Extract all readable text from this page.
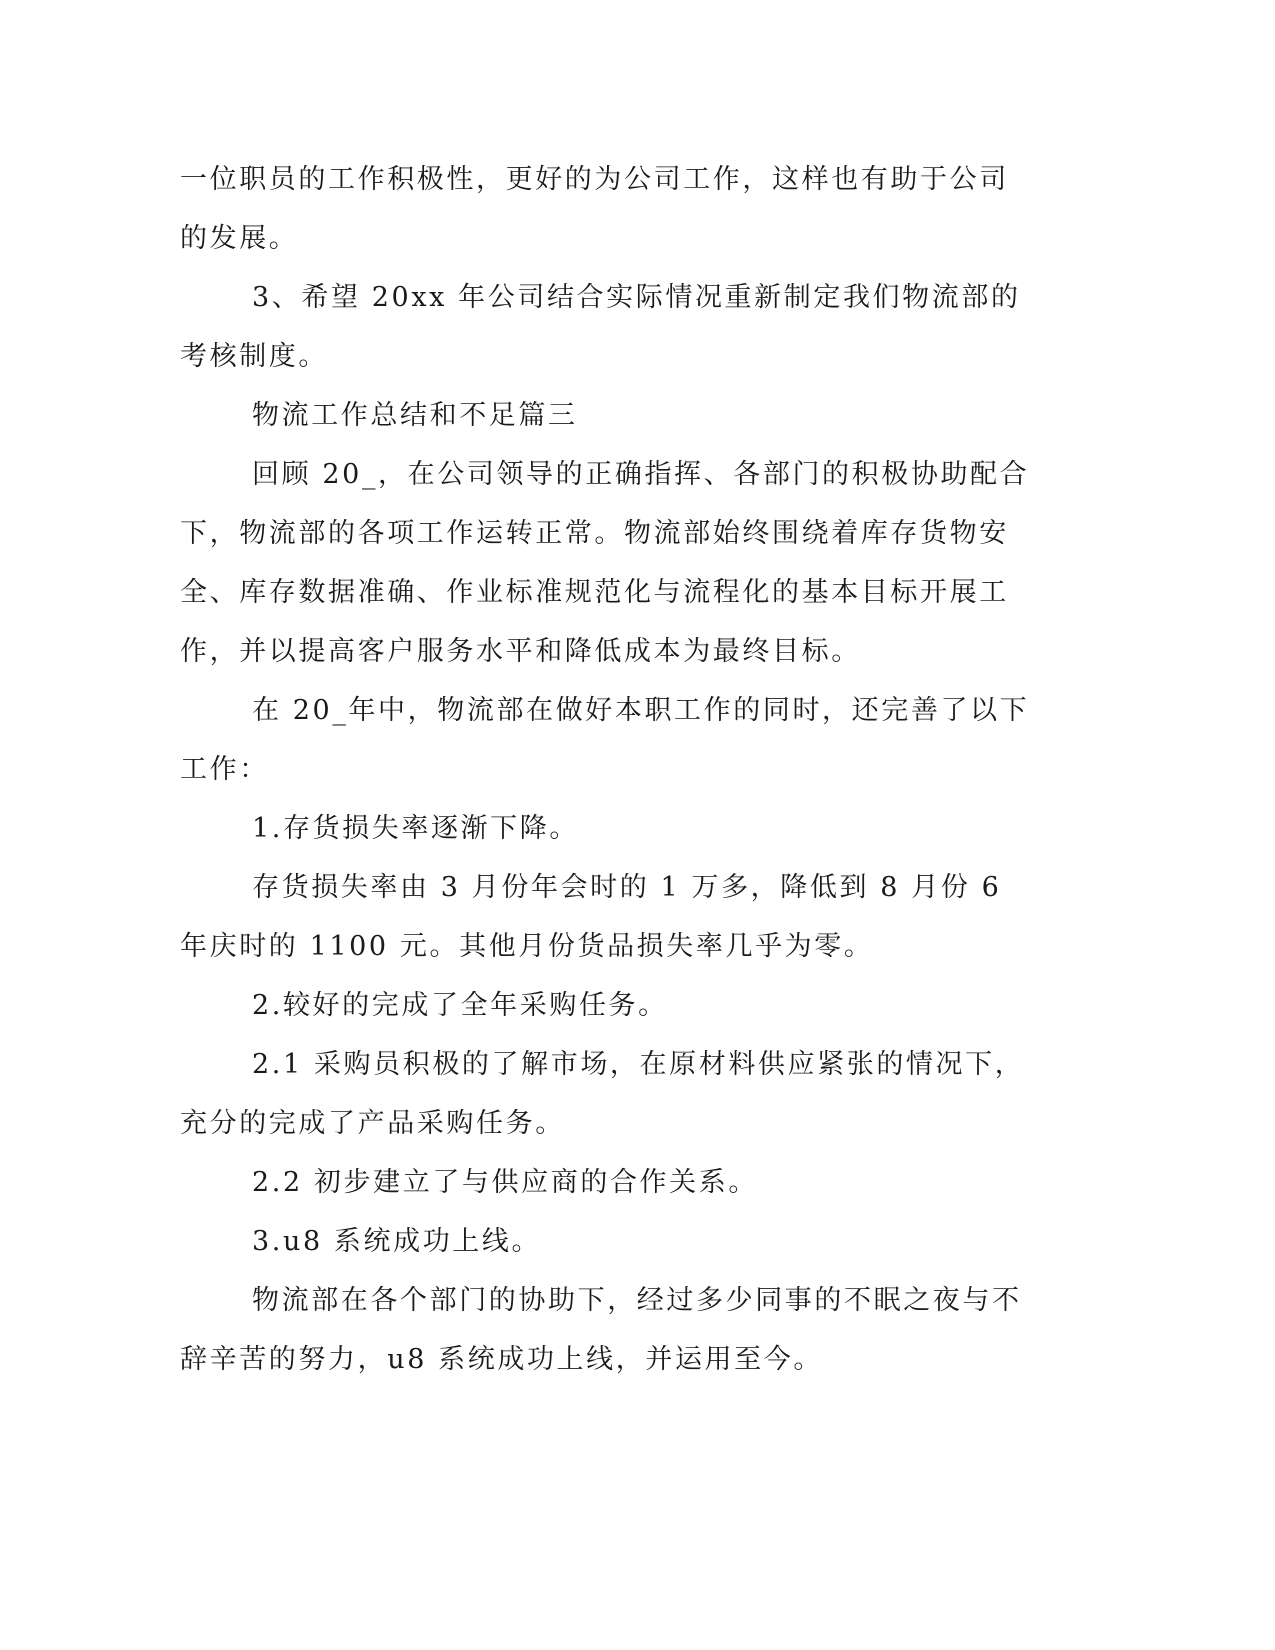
一位职员的工作积极性，更好的为公司工作，这样也有助于公司的发展。

3、希望 20xx 年公司结合实际情况重新制定我们物流部的考核制度。

物流工作总结和不足篇三

回顾 20_，在公司领导的正确指挥、各部门的积极协助配合下，物流部的各项工作运转正常。物流部始终围绕着库存货物安全、库存数据准确、作业标准规范化与流程化的基本目标开展工作，并以提高客户服务水平和降低成本为最终目标。

在 20_年中，物流部在做好本职工作的同时，还完善了以下工作：

1.存货损失率逐渐下降。

存货损失率由 3 月份年会时的 1 万多，降低到 8 月份 6 年庆时的 1100 元。其他月份货品损失率几乎为零。

2.较好的完成了全年采购任务。

2.1 采购员积极的了解市场，在原材料供应紧张的情况下，充分的完成了产品采购任务。

2.2 初步建立了与供应商的合作关系。

3.u8 系统成功上线。

物流部在各个部门的协助下，经过多少同事的不眠之夜与不辞辛苦的努力，u8 系统成功上线，并运用至今。
